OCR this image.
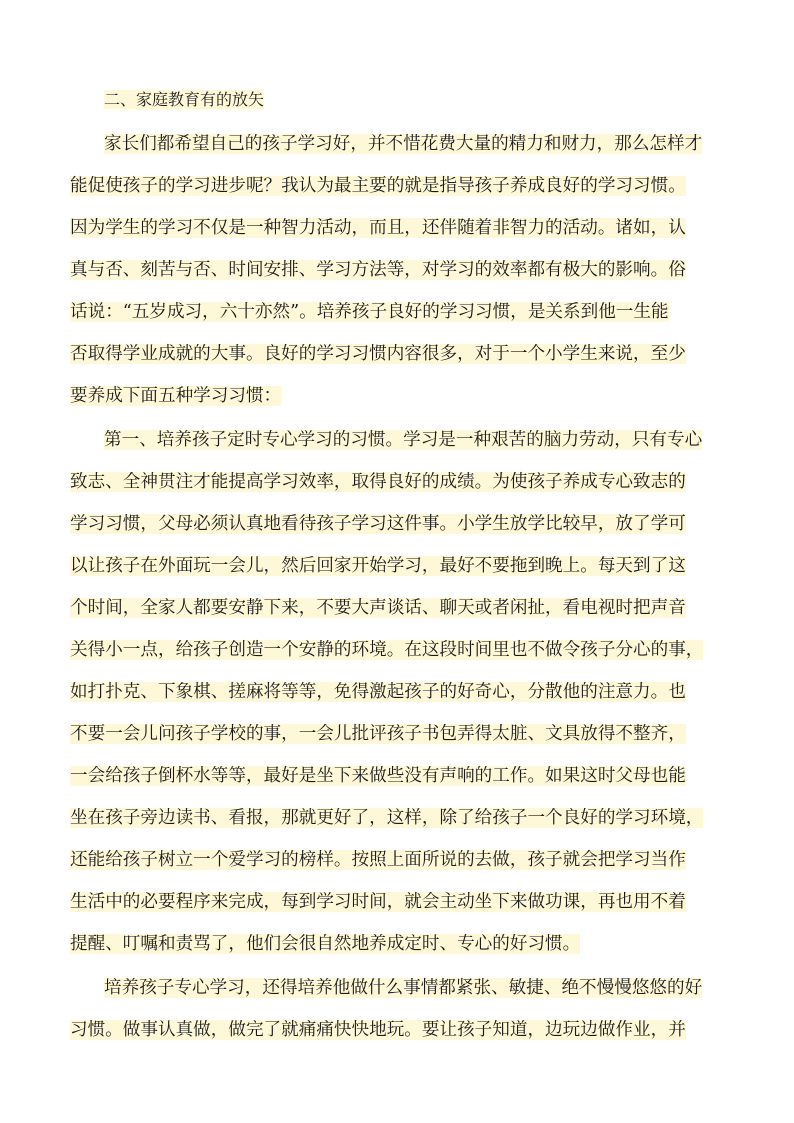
二、家庭教育有的放矢
家长们都希望自己的孩子学习好，并不惜花费大量的精力和财力，那么怎样才
能促使孩子的学习进步呢？我认为最主要的就是指导孩子养成良好的学习习惯。
因为学生的学习不仅是一种智力活动，而且，还伴随着非智力的活动。诸如，认
真与否、刻苦与否、时间安排、学习方法等，对学习的效率都有极大的影响。俗
话说：“五岁成习，六十亦然”。培养孩子良好的学习习惯，是关系到他一生能
否取得学业成就的大事。良好的学习习惯内容很多，对于一个小学生来说，至少
要养成下面五种学习习惯：
第一、培养孩子定时专心学习的习惯。学习是一种艰苦的脑力劳动，只有专心
致志、全神贯注才能提高学习效率，取得良好的成绩。为使孩子养成专心致志的
学习习惯，父母必须认真地看待孩子学习这件事。小学生放学比较早，放了学可
以让孩子在外面玩一会儿，然后回家开始学习，最好不要拖到晚上。每天到了这
个时间，全家人都要安静下来，不要大声谈话、聊天或者闲扯，看电视时把声音
关得小一点，给孩子创造一个安静的环境。在这段时间里也不做令孩子分心的事，
如打扑克、下象棋、搓麻将等等，免得激起孩子的好奇心，分散他的注意力。也
不要一会儿问孩子学校的事，一会儿批评孩子书包弄得太脏、文具放得不整齐，
一会给孩子倒杯水等等，最好是坐下来做些没有声响的工作。如果这时父母也能
坐在孩子旁边读书、看报，那就更好了，这样，除了给孩子一个良好的学习环境，
还能给孩子树立一个爱学习的榜样。按照上面所说的去做，孩子就会把学习当作
生活中的必要程序来完成，每到学习时间，就会主动坐下来做功课，再也用不着
提醒、叮嘱和责骂了，他们会很自然地养成定时、专心的好习惯。
培养孩子专心学习，还得培养他做什么事情都紧张、敏捷、绝不慢慢悠悠的好
习惯。做事认真做，做完了就痛痛快快地玩。要让孩子知道，边玩边做作业，并
